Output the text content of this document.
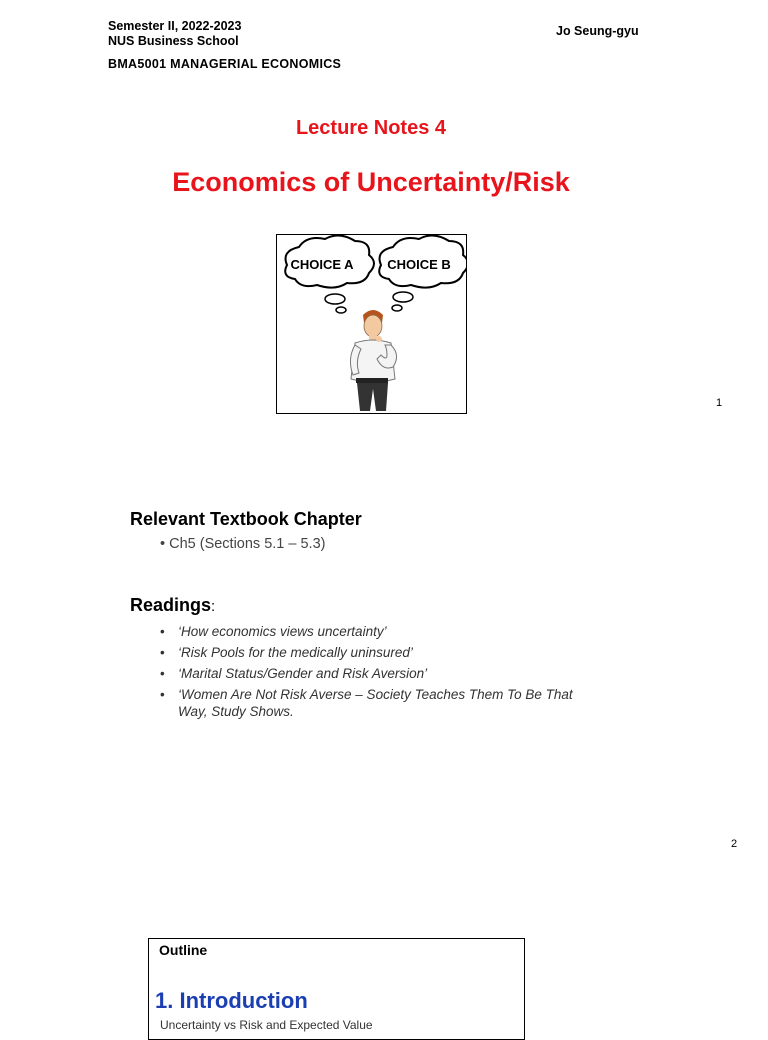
Semester II, 2022-2023
NUS Business School
Jo Seung-gyu
BMA5001 MANAGERIAL ECONOMICS
Lecture Notes 4
Economics of Uncertainty/Risk
CHOICE A	CHOICE B
1
Relevant Textbook Chapter
• Ch5 (Sections 5.1 – 5.3)
Readings:
• ‘How economics views uncertainty’
• ‘Risk Pools for the medically uninsured’
• ‘Marital Status/Gender and Risk Aversion’
• ‘Women Are Not Risk Averse – Society Teaches Them To Be That Way, Study Shows.
2
Outline
1. Introduction
Uncertainty vs Risk and Expected Value
